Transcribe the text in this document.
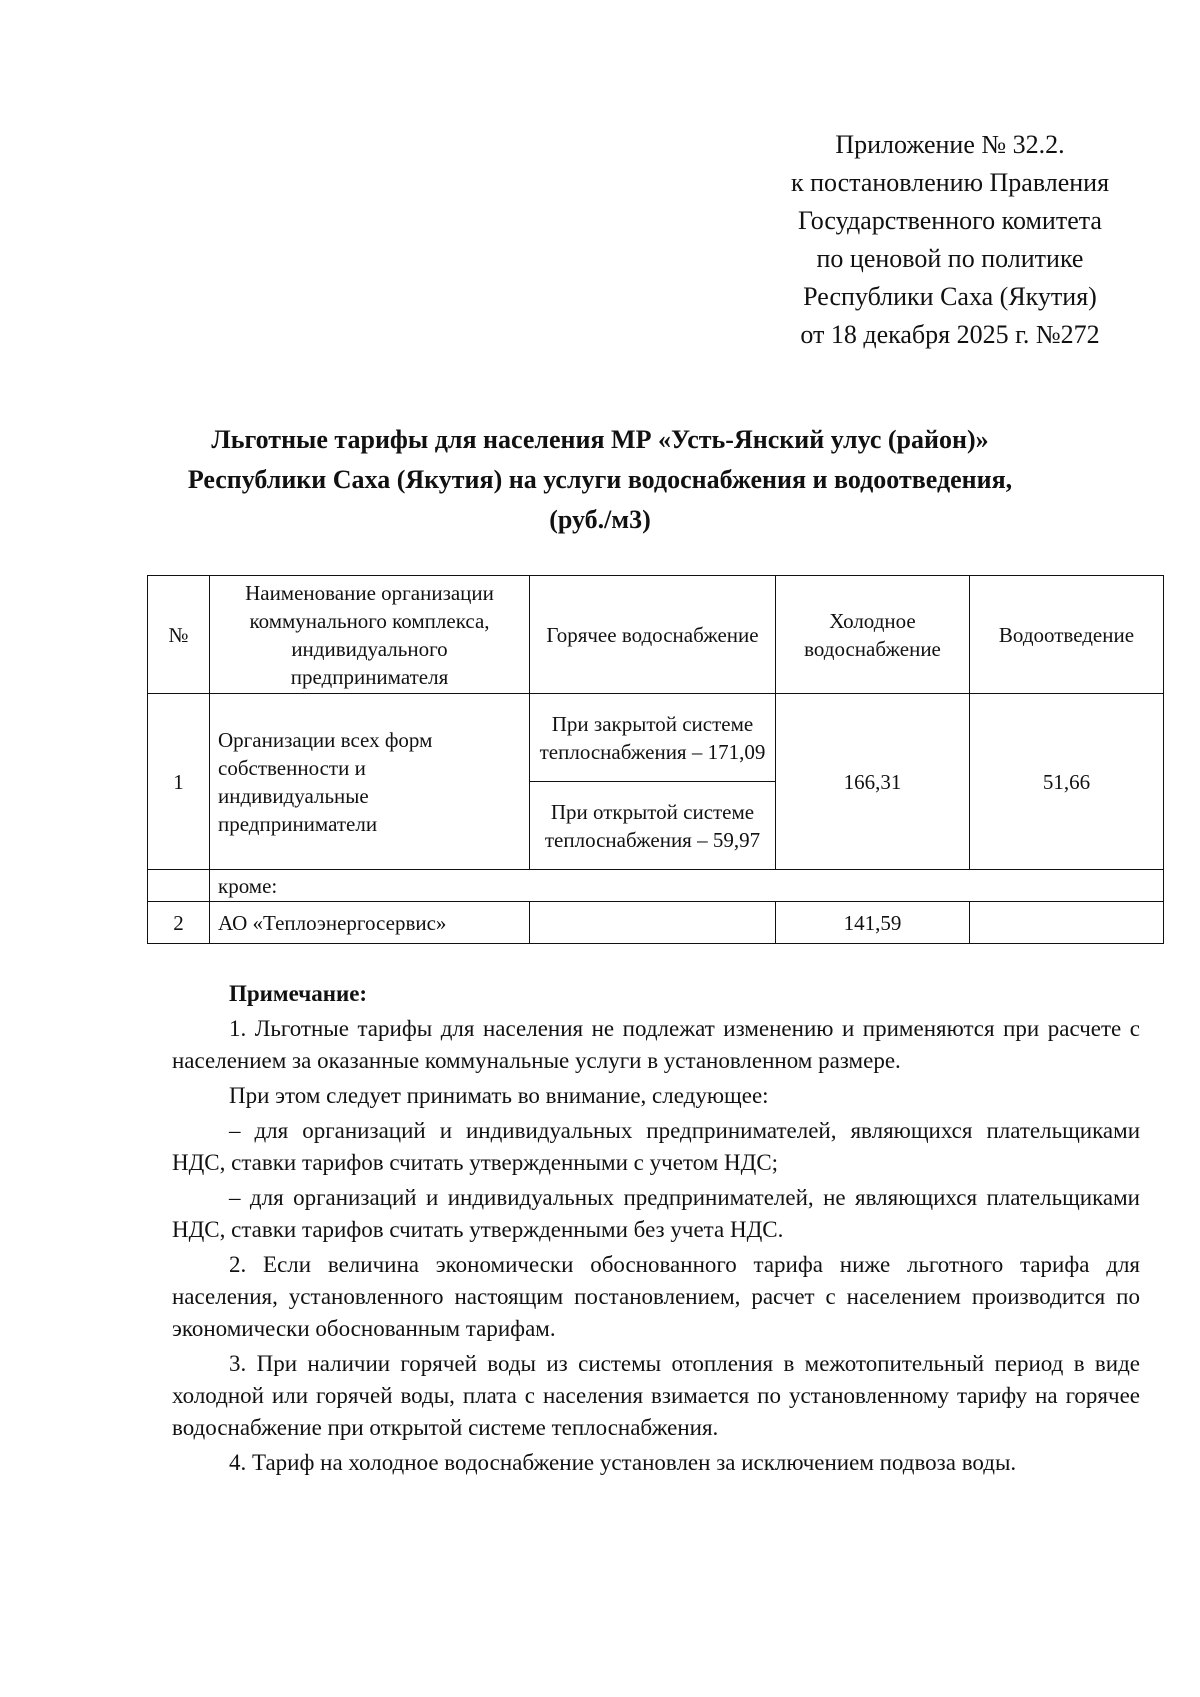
Приложение № 32.2.
к постановлению Правления
Государственного комитета
по ценовой по политике
Республики Саха (Якутия)
от 18 декабря 2025 г. №272
Льготные тарифы для населения МР «Усть-Янский улус (район)»
Республики Саха (Якутия) на услуги водоснабжения и водоотведения,
(руб./м3)
№	Наименование организации коммунального комплекса, индивидуального предпринимателя	Горячее водоснабжение	Холодное водоснабжение	Водоотведение
1	Организации всех форм собственности и индивидуальные предприниматели	При закрытой системе теплоснабжения – 171,09	166,31	51,66
		При открытой системе теплоснабжения – 59,97		
	кроме:			
2	АО «Теплоэнергосервис»		141,59	
Примечание:

1. Льготные тарифы для населения не подлежат изменению и применяются при расчете с населением за оказанные коммунальные услуги в установленном размере.

При этом следует принимать во внимание, следующее:

– для организаций и индивидуальных предпринимателей, являющихся плательщиками НДС, ставки тарифов считать утвержденными с учетом НДС;

– для организаций и индивидуальных предпринимателей, не являющихся плательщиками НДС, ставки тарифов считать утвержденными без учета НДС.

2. Если величина экономически обоснованного тарифа ниже льготного тарифа для населения, установленного настоящим постановлением, расчет с населением производится по экономически обоснованным тарифам.

3. При наличии горячей воды из системы отопления в межотопительный период в виде холодной или горячей воды, плата с населения взимается по установленному тарифу на горячее водоснабжение при открытой системе теплоснабжения.

4. Тариф на холодное водоснабжение установлен за исключением подвоза воды.
